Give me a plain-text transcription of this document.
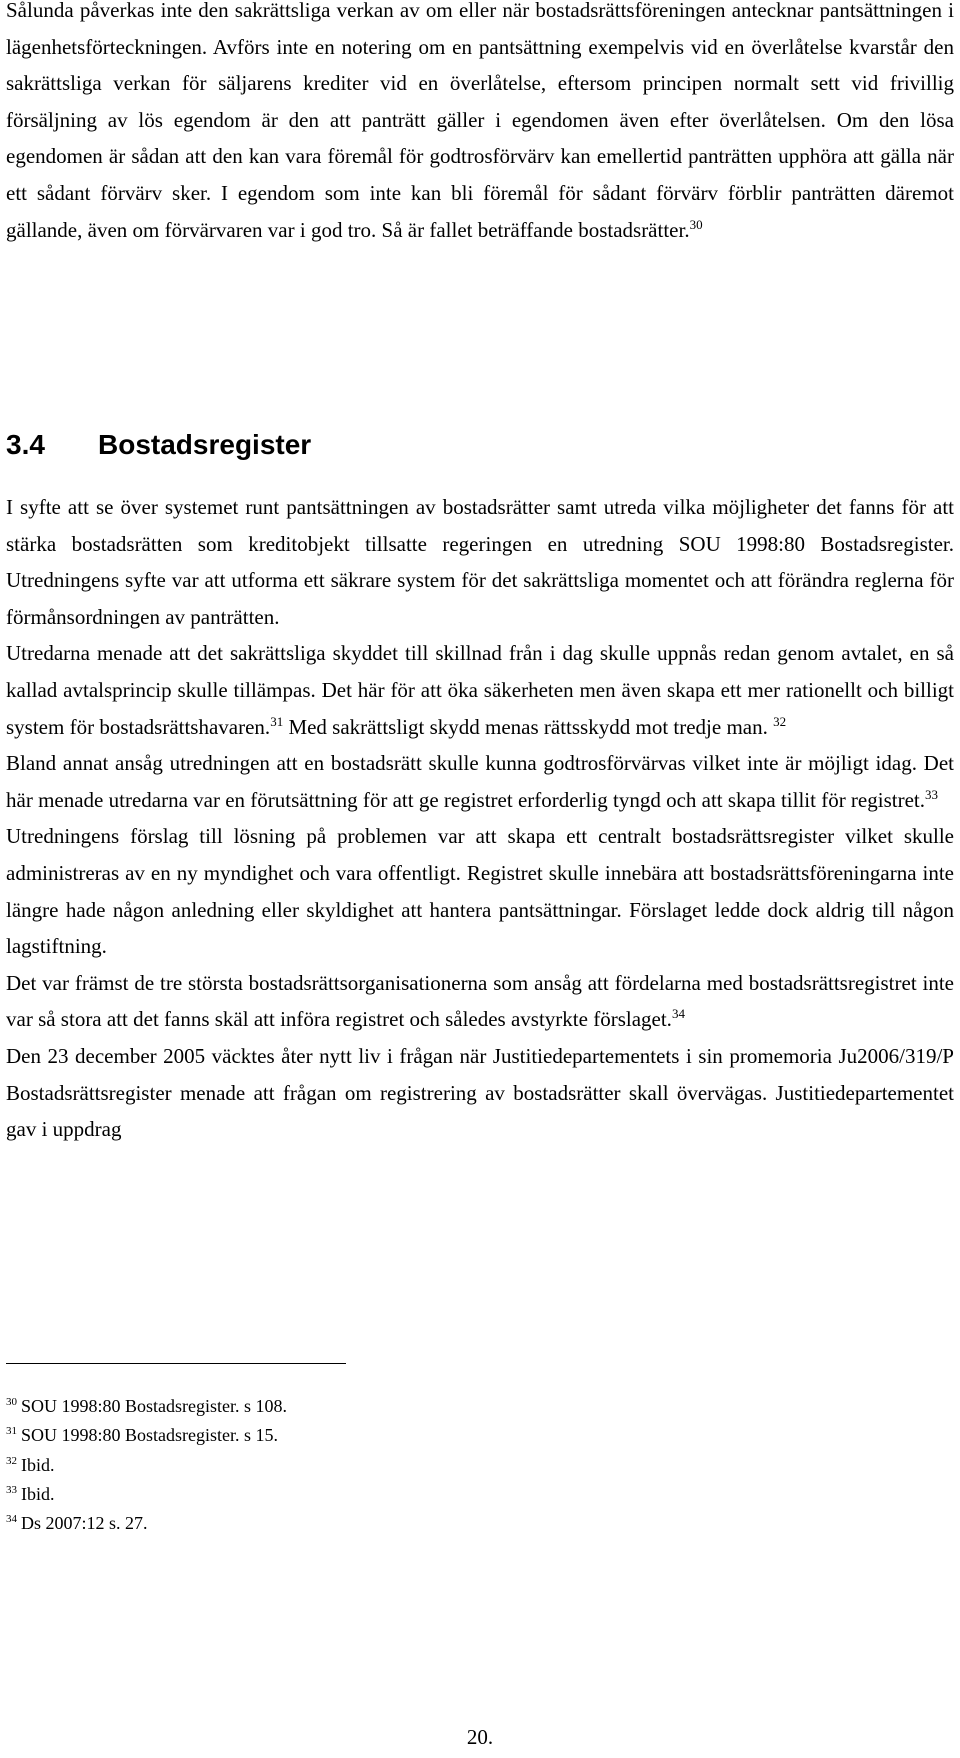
Sålunda påverkas inte den sakrättsliga verkan av om eller när bostadsrättsföreningen antecknar pantsättningen i lägenhetsförteckningen. Avförs inte en notering om en pantsättning exempelvis vid en överlåtelse kvarstår den sakrättsliga verkan för säljarens krediter vid en överlåtelse, eftersom principen normalt sett vid frivillig försäljning av lös egendom är den att panträtt gäller i egendomen även efter överlåtelsen. Om den lösa egendomen är sådan att den kan vara föremål för godtrosförvärv kan emellertid panträtten upphöra att gälla när ett sådant förvärv sker. I egendom som inte kan bli föremål för sådant förvärv förblir panträtten däremot gällande, även om förvärvaren var i god tro. Så är fallet beträffande bostadsrätter.$^{30}$

3.4 Bostadsregister

I syfte att se över systemet runt pantsättningen av bostadsrätter samt utreda vilka möjligheter det fanns för att stärka bostadsrätten som kreditobjekt tillsatte regeringen en utredning SOU 1998:80 Bostadsregister. Utredningens syfte var att utforma ett säkrare system för det sakrättsliga momentet och att förändra reglerna för förmånsordningen av panträtten.

Utredarna menade att det sakrättsliga skyddet till skillnad från i dag skulle uppnås redan genom avtalet, en så kallad avtalsprincip skulle tillämpas. Det här för att öka säkerheten men även skapa ett mer rationellt och billigt system för bostadsrättshavaren.$^{31}$ Med sakrättsligt skydd menas rättsskydd mot tredje man. $^{32}$
Bland annat ansåg utredningen att en bostadsrätt skulle kunna godtrosförvärvas vilket inte är möjligt idag. Det här menade utredarna var en förutsättning för att ge registret erforderlig tyngd och att skapa tillit för registret.$^{33}$

Utredningens förslag till lösning på problemen var att skapa ett centralt bostadsrättsregister vilket skulle administreras av en ny myndighet och vara offentligt. Registret skulle innebära att bostadsrättsföreningarna inte längre hade någon anledning eller skyldighet att hantera pantsättningar. Förslaget ledde dock aldrig till någon lagstiftning.

Det var främst de tre största bostadsrättsorganisationerna som ansåg att fördelarna med bostadsrättsregistret inte var så stora att det fanns skäl att införa registret och således avstyrkte förslaget.$^{34}$

Den 23 december 2005 väcktes åter nytt liv i frågan när Justitiedepartementets i sin promemoria Ju2006/319/P Bostadsrättsregister menade att frågan om registrering av bostadsrätter skall övervägas. Justitiedepartementet gav i uppdrag

$^{30}$ SOU 1998:80 Bostadsregister. s 108.

$^{31}$ SOU 1998:80 Bostadsregister. s 15.

$^{32}$ Ibid.

$^{33}$ Ibid.

$^{34}$ Ds 2007:12 s. 27.

20.
